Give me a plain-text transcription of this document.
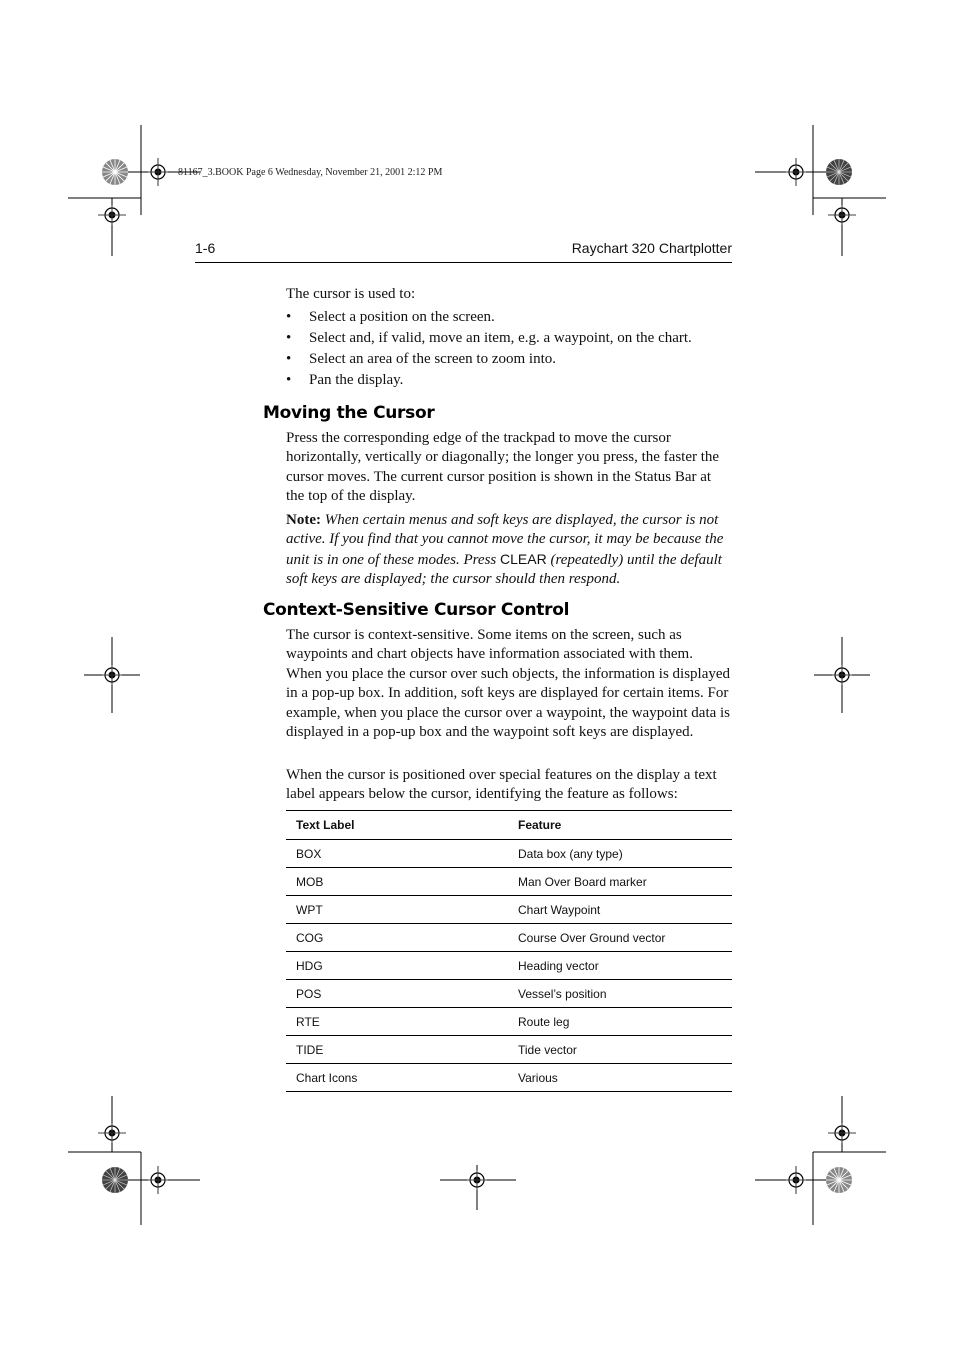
81167_3.BOOK Page 6 Wednesday, November 21, 2001 2:12 PM
1-6	Raychart 320 Chartplotter
The cursor is used to:
• Select a position on the screen.
• Select and, if valid, move an item, e.g. a waypoint, on the chart.
• Select an area of the screen to zoom into.
• Pan the display.
Moving the Cursor
Press the corresponding edge of the trackpad to move the cursor horizontally, vertically or diagonally; the longer you press, the faster the cursor moves. The current cursor position is shown in the Status Bar at the top of the display.
Note: When certain menus and soft keys are displayed, the cursor is not active. If you find that you cannot move the cursor, it may be because the unit is in one of these modes. Press CLEAR (repeatedly) until the default soft keys are displayed; the cursor should then respond.
Context-Sensitive Cursor Control
The cursor is context-sensitive. Some items on the screen, such as waypoints and chart objects have information associated with them. When you place the cursor over such objects, the information is displayed in a pop-up box. In addition, soft keys are displayed for certain items. For example, when you place the cursor over a waypoint, the waypoint data is displayed in a pop-up box and the waypoint soft keys are displayed.
When the cursor is positioned over special features on the display a text label appears below the cursor, identifying the feature as follows:
Text Label	Feature
BOX	Data box (any type)
MOB	Man Over Board marker
WPT	Chart Waypoint
COG	Course Over Ground vector
HDG	Heading vector
POS	Vessel’s position
RTE	Route leg
TIDE	Tide vector
Chart Icons	Various
